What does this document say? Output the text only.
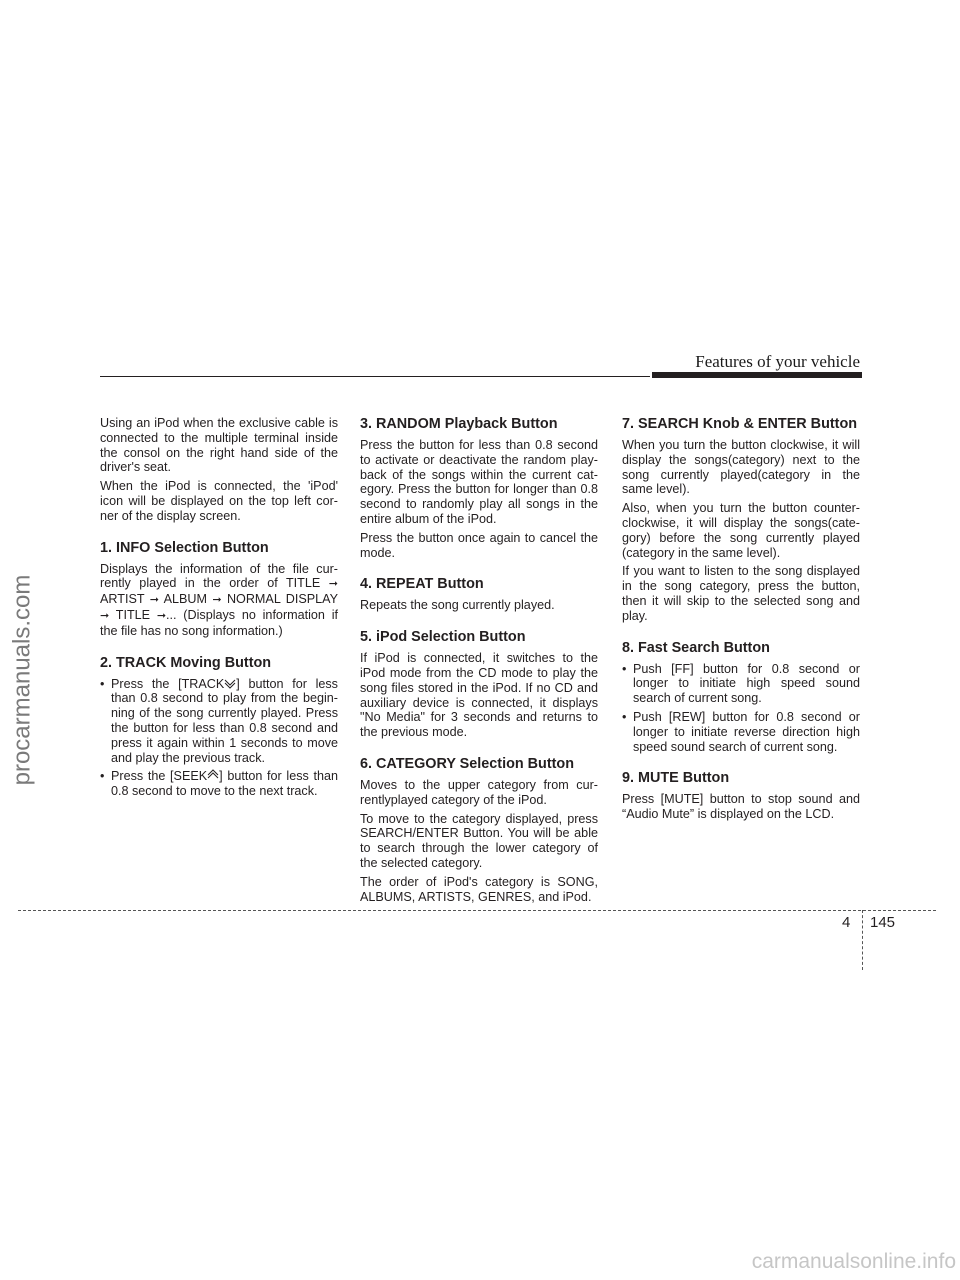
Features of your vehicle
procarmanuals.com

Using an iPod when the exclusive cable is connected to the multiple terminal inside the consol on the right hand side of the driver's seat.

When the iPod is connected, the 'iPod' icon will be displayed on the top left cor-ner of the display screen.

1. INFO Selection Button

Displays the information of the file cur-rently played in the order of TITLE ➞ ARTIST ➞ ALBUM ➞ NORMAL DISPLAY ➞ TITLE ➞... (Displays no information if the file has no song information.)

2. TRACK Moving Button
• Press the [TRACK ] button for less than 0.8 second to play from the begin-ning of the song currently played. Press the button for less than 0.8 second and press it again within 1 seconds to move and play the previous track.
• Press the [SEEK ] button for less than 0.8 second to move to the next track.
3. RANDOM Playback Button

Press the button for less than 0.8 second to activate or deactivate the random play-back of the songs within the current cat-egory. Press the button for longer than 0.8 second to randomly play all songs in the entire album of the iPod.

Press the button once again to cancel the mode.

4. REPEAT Button

Repeats the song currently played.

5. iPod Selection Button

If iPod is connected, it switches to the iPod mode from the CD mode to play the song files stored in the iPod. If no CD and auxiliary device is connected, it displays "No Media" for 3 seconds and returns to the previous mode.

6. CATEGORY Selection Button

Moves to the upper category from cur-rentlyplayed category of the iPod.

To move to the category displayed, press SEARCH/ENTER Button. You will be able to search through the lower category of the selected category.

The order of iPod's category is SONG, ALBUMS, ARTISTS, GENRES, and iPod.

7. SEARCH Knob & ENTER Button

When you turn the button clockwise, it will display the songs(category) next to the song currently played(category in the same level).

Also, when you turn the button counter-clockwise, it will display the songs(cate-gory) before the song currently played (category in the same level).

If you want to listen to the song displayed in the song category, press the button, then it will skip to the selected song and play.

8. Fast Search Button
• Push [FF] button for 0.8 second or longer to initiate high speed sound search of current song.
• Push [REW] button for 0.8 second or longer to initiate reverse direction high speed sound search of current song.
9. MUTE Button

Press [MUTE] button to stop sound and “Audio Mute” is displayed on the LCD.

4 145
carmanualsonline.info
